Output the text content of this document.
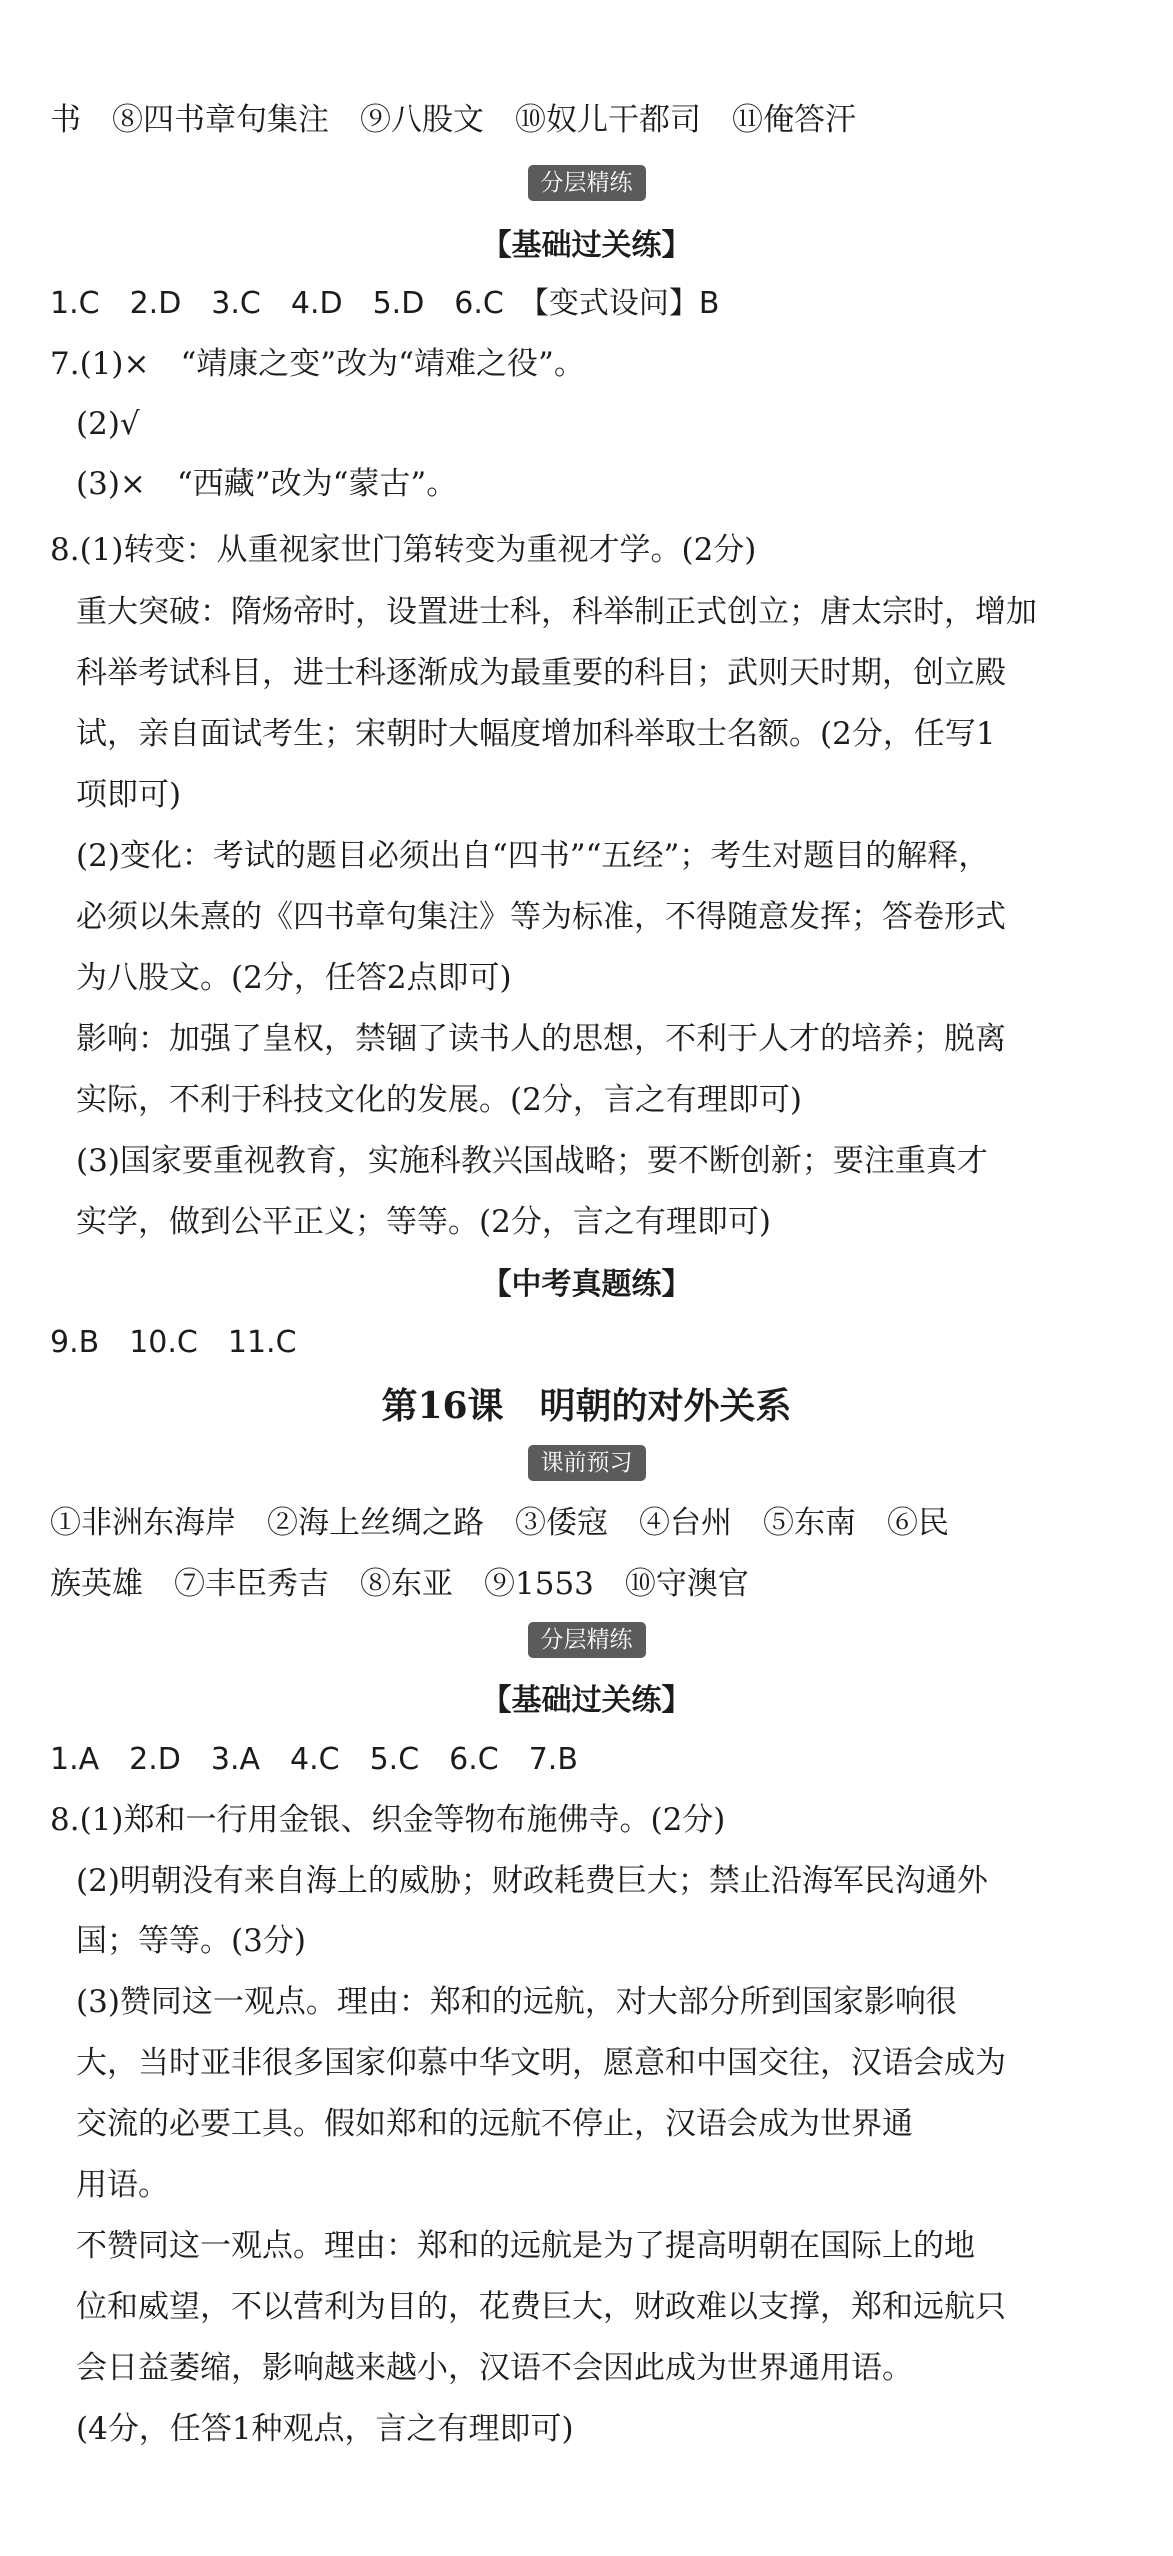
书　⑧四书章句集注　⑨八股文　⑩奴儿干都司　⑪俺答汗
分层精练
【基础过关练】
1.C　2.D　3.C　4.D　5.D　6.C　【变式设问】B
7.(1)×　“靖康之变”改为“靖难之役”。
(2)√
(3)×　“西藏”改为“蒙古”。
8.(1)转变：从重视家世门第转变为重视才学。(2分)
重大突破：隋炀帝时，设置进士科，科举制正式创立；唐太宗时，增加
科举考试科目，进士科逐渐成为最重要的科目；武则天时期，创立殿
试，亲自面试考生；宋朝时大幅度增加科举取士名额。(2分，任写1
项即可)
(2)变化：考试的题目必须出自“四书”“五经”；考生对题目的解释，
必须以朱熹的《四书章句集注》等为标准，不得随意发挥；答卷形式
为八股文。(2分，任答2点即可)
影响：加强了皇权，禁锢了读书人的思想，不利于人才的培养；脱离
实际，不利于科技文化的发展。(2分，言之有理即可)
(3)国家要重视教育，实施科教兴国战略；要不断创新；要注重真才
实学，做到公平正义；等等。(2分，言之有理即可)
【中考真题练】
9.B　10.C　11.C
第16课　明朝的对外关系
课前预习
①非洲东海岸　②海上丝绸之路　③倭寇　④台州　⑤东南　⑥民
族英雄　⑦丰臣秀吉　⑧东亚　⑨1553　⑩守澳官
分层精练
【基础过关练】
1.A　2.D　3.A　4.C　5.C　6.C　7.B
8.(1)郑和一行用金银、织金等物布施佛寺。(2分)
(2)明朝没有来自海上的威胁；财政耗费巨大；禁止沿海军民沟通外
国；等等。(3分)
(3)赞同这一观点。理由：郑和的远航，对大部分所到国家影响很
大，当时亚非很多国家仰慕中华文明，愿意和中国交往，汉语会成为
交流的必要工具。假如郑和的远航不停止，汉语会成为世界通
用语。
不赞同这一观点。理由：郑和的远航是为了提高明朝在国际上的地
位和威望，不以营利为目的，花费巨大，财政难以支撑，郑和远航只
会日益萎缩，影响越来越小，汉语不会因此成为世界通用语。
(4分，任答1种观点，言之有理即可)
